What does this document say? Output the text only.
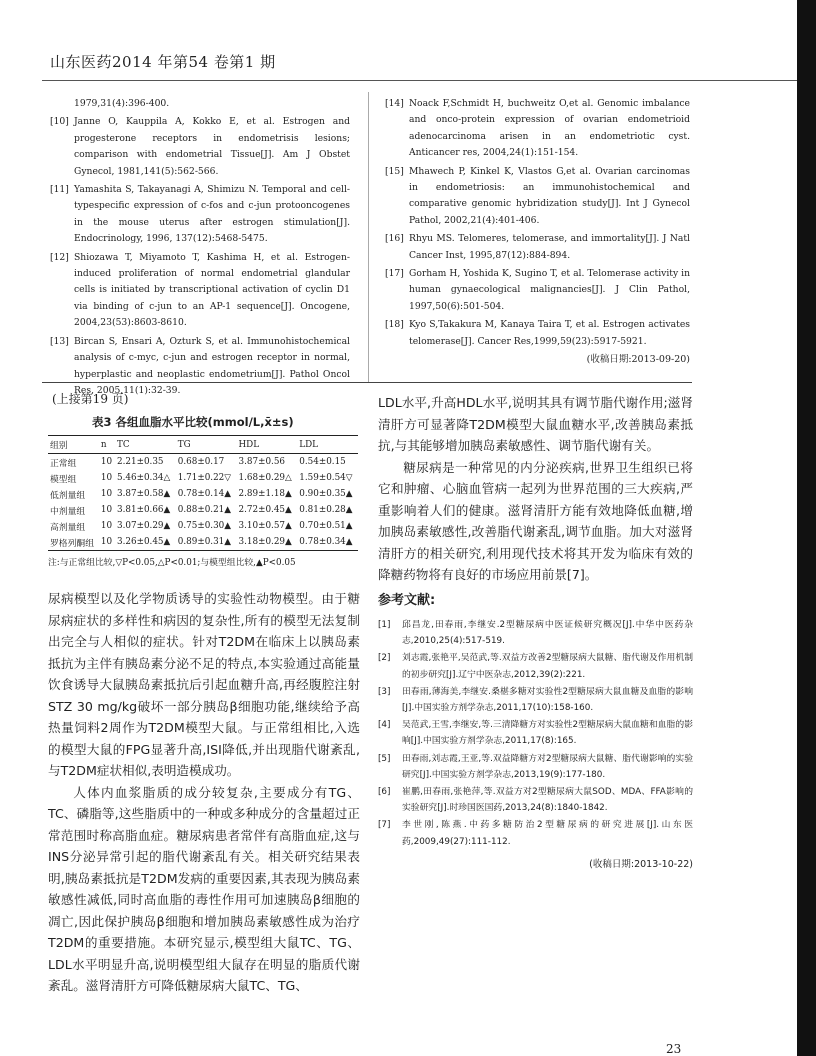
山东医药2014 年第54 卷第1 期
1979,31(4):396-400.
[10] Janne O, Kauppila A, Kokko E, et al. Estrogen and progesterone receptors in endometrisis lesions; comparison with endometrial Tissue[J]. Am J Obstet Gynecol, 1981,141(5):562-566.
[11] Yamashita S, Takayanagi A, Shimizu N. Temporal and cell-typespecific expression of c-fos and c-jun protooncogenes in the mouse uterus after estrogen stimulation[J]. Endocrinology, 1996, 137(12):5468-5475.
[12] Shiozawa T, Miyamoto T, Kashima H, et al. Estrogen-induced proliferation of normal endometrial glandular cells is initiated by transcriptional activation of cyclin D1 via binding of c-jun to an AP-1 sequence[J]. Oncogene, 2004,23(53):8603-8610.
[13] Bircan S, Ensari A, Ozturk S, et al. Immunohistochemical analysis of c-myc, c-jun and estrogen receptor in normal, hyperplastic and neoplastic endometrium[J]. Pathol Oncol Res, 2005,11(1):32-39.
[14] Noack F,Schmidt H, buchweitz O,et al. Genomic imbalance and onco-protein expression of ovarian endometrioid adenocarcinoma arisen in an endometriotic cyst. Anticancer res, 2004,24(1):151-154.
[15] Mhawech P, Kinkel K, Vlastos G,et al. Ovarian carcinomas in endometriosis: an immunohistochemical and comparative genomic hybridization study[J]. Int J Gynecol Pathol, 2002,21(4):401-406.
[16] Rhyu MS. Telomeres, telomerase, and immortality[J]. J Natl Cancer Inst, 1995,87(12):884-894.
[17] Gorham H, Yoshida K, Sugino T, et al. Telomerase activity in human gynaecological malignancies[J]. J Clin Pathol, 1997,50(6):501-504.
[18] Kyo S,Takakura M, Kanaya Taira T, et al. Estrogen activates telomerase[J]. Cancer Res,1999,59(23):5917-5921.
(收稿日期:2013-09-20)
(上接第19 页)
表3 各组血脂水平比较(mmol/L,x̄±s)
组别	n	TC	TG	HDL	LDL
正常组	10	2.21±0.35	0.68±0.17	3.87±0.56	0.54±0.15
模型组	10	5.46±0.34△	1.71±0.22▽	1.68±0.29△	1.59±0.54▽
低剂量组	10	3.87±0.58▲	0.78±0.14▲	2.89±1.18▲	0.90±0.35▲
中剂量组	10	3.81±0.66▲	0.88±0.21▲	2.72±0.45▲	0.81±0.28▲
高剂量组	10	3.07±0.29▲	0.75±0.30▲	3.10±0.57▲	0.70±0.51▲
罗格列酮组	10	3.26±0.45▲	0.89±0.31▲	3.18±0.29▲	0.78±0.34▲
注:与正常组比较,▽P<0.05,△P<0.01;与模型组比较,▲P<0.05

尿病模型以及化学物质诱导的实验性动物模型。由于糖尿病症状的多样性和病因的复杂性,所有的模型无法复制出完全与人相似的症状。针对T2DM在临床上以胰岛素抵抗为主伴有胰岛素分泌不足的特点,本实验通过高能量饮食诱导大鼠胰岛素抵抗后引起血糖升高,再经腹腔注射STZ 30 mg/kg破坏一部分胰岛β细胞功能,继续给予高热量饲料2周作为T2DM模型大鼠。与正常组相比,入选的模型大鼠的FPG显著升高,ISI降低,并出现脂代谢紊乱,与T2DM症状相似,表明造模成功。

人体内血浆脂质的成分较复杂,主要成分有TG、TC、磷脂等,这些脂质中的一种或多种成分的含量超过正常范围时称高脂血症。糖尿病患者常伴有高脂血症,这与INS分泌异常引起的脂代谢紊乱有关。相关研究结果表明,胰岛素抵抗是T2DM发病的重要因素,其表现为胰岛素敏感性减低,同时高血脂的毒性作用可加速胰岛β细胞的凋亡,因此保护胰岛β细胞和增加胰岛素敏感性成为治疗T2DM的重要措施。本研究显示,模型组大鼠TC、TG、LDL水平明显升高,说明模型组大鼠存在明显的脂质代谢紊乱。滋肾清肝方可降低糖尿病大鼠TC、TG、

LDL水平,升高HDL水平,说明其具有调节脂代谢作用;滋肾清肝方可显著降T2DM模型大鼠血糖水平,改善胰岛素抵抗,与其能够增加胰岛素敏感性、调节脂代谢有关。

糖尿病是一种常见的内分泌疾病,世界卫生组织已将它和肿瘤、心脑血管病一起列为世界范围的三大疾病,严重影响着人们的健康。滋肾清肝方能有效地降低血糖,增加胰岛素敏感性,改善脂代谢紊乱,调节血脂。加大对滋肾清肝方的相关研究,利用现代技术将其开发为临床有效的降糖药物将有良好的市场应用前景[7]。

参考文献:
[1] 邱昌龙,田春雨,李继安.2型糖尿病中医证候研究概况[J].中华中医药杂志,2010,25(4):517-519.
[2] 刘志霞,张艳平,吴范武,等.双益方改善2型糖尿病大鼠糖、脂代谢及作用机制的初步研究[J].辽宁中医杂志,2012,39(2):221.
[3] 田春雨,薄海美,李继安.桑椹多糖对实验性2型糖尿病大鼠血糖及血脂的影响[J].中国实验方剂学杂志,2011,17(10):158-160.
[4] 吴范武,王雪,李继安,等.三清降糖方对实验性2型糖尿病大鼠血糖和血脂的影响[J].中国实验方剂学杂志,2011,17(8):165.
[5] 田春雨,刘志霞,王亚,等.双益降糖方对2型糖尿病大鼠糖、脂代谢影响的实验研究[J].中国实验方剂学杂志,2013,19(9):177-180.
[6] 崔鹏,田春雨,张艳萍,等.双益方对2型糖尿病大鼠SOD、MDA、FFA影响的实验研究[J].时珍国医国药,2013,24(8):1840-1842.
[7] 李世刚,陈燕.中药多糖防治2型糖尿病的研究进展[J].山东医药,2009,49(27):111-112.
(收稿日期:2013-10-22)
23
